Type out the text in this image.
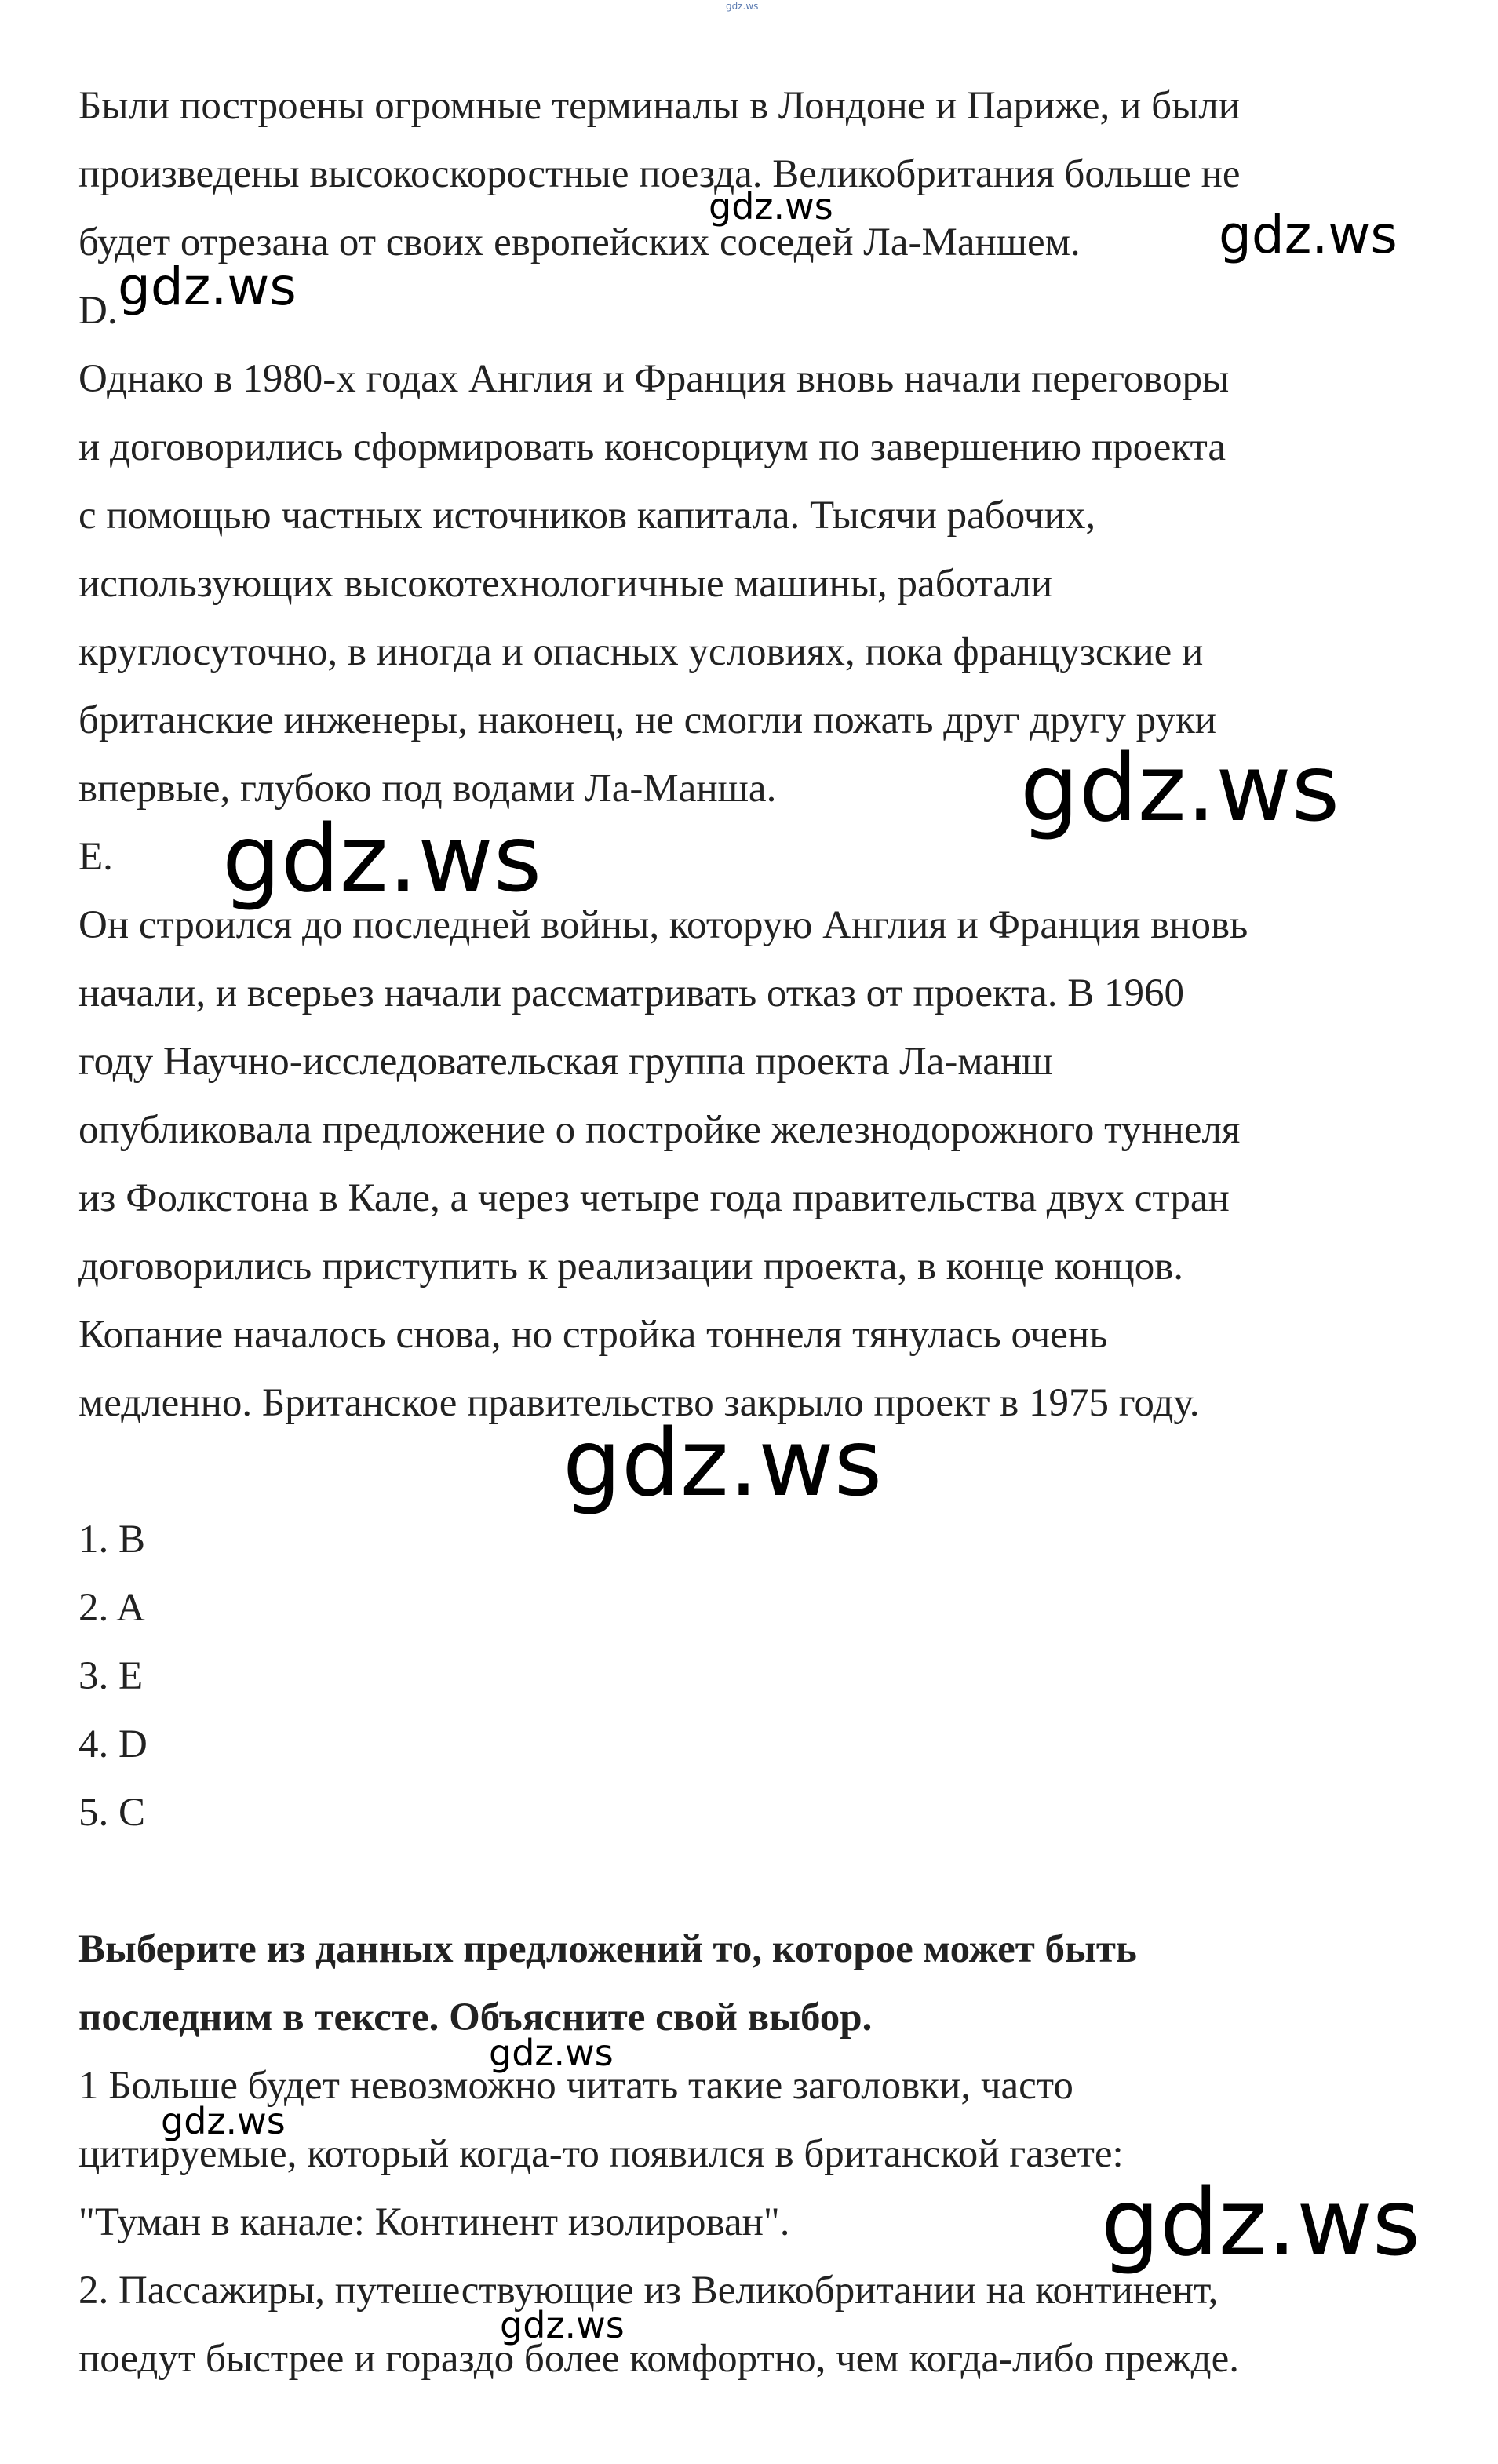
gdz.ws
Были построены огромные терминалы в Лондоне и Париже, и были
произведены высокоскоростные поезда. Великобритания больше не
будет отрезана от своих европейских соседей Ла-Маншем.
D.
Однако в 1980-х годах Англия и Франция вновь начали переговоры
и договорились сформировать консорциум по завершению проекта
с помощью частных источников капитала. Тысячи рабочих,
использующих высокотехнологичные машины, работали
круглосуточно, в иногда и опасных условиях, пока французские и
британские инженеры, наконец, не смогли пожать друг другу руки
впервые, глубоко под водами Ла-Манша.
E.
Он строился до последней войны, которую Англия и Франция вновь
начали, и всерьез начали рассматривать отказ от проекта. В 1960
году Научно-исследовательская группа проекта Ла-манш
опубликовала предложение о постройке железнодорожного туннеля
из Фолкстона в Кале, а через четыре года правительства двух стран
договорились приступить к реализации проекта, в конце концов.
Копание началось снова, но стройка тоннеля тянулась очень
медленно. Британское правительство закрыло проект в 1975 году.
1. B
2. A
3. E
4. D
5. C
Выберите из данных предложений то, которое может быть
последним в тексте. Объясните свой выбор.
1 Больше будет невозможно читать такие заголовки, часто
цитируемые, который когда-то появился в британской газете:
"Туман в канале: Континент изолирован".
2. Пассажиры, путешествующие из Великобритании на континент,
поедут быстрее и гораздо более комфортно, чем когда-либо прежде.
gdz.ws	gdz.ws
gdz.ws
gdz.ws
gdz.ws
gdz.ws
gdz.ws
gdz.ws
gdz.ws
gdz.ws
